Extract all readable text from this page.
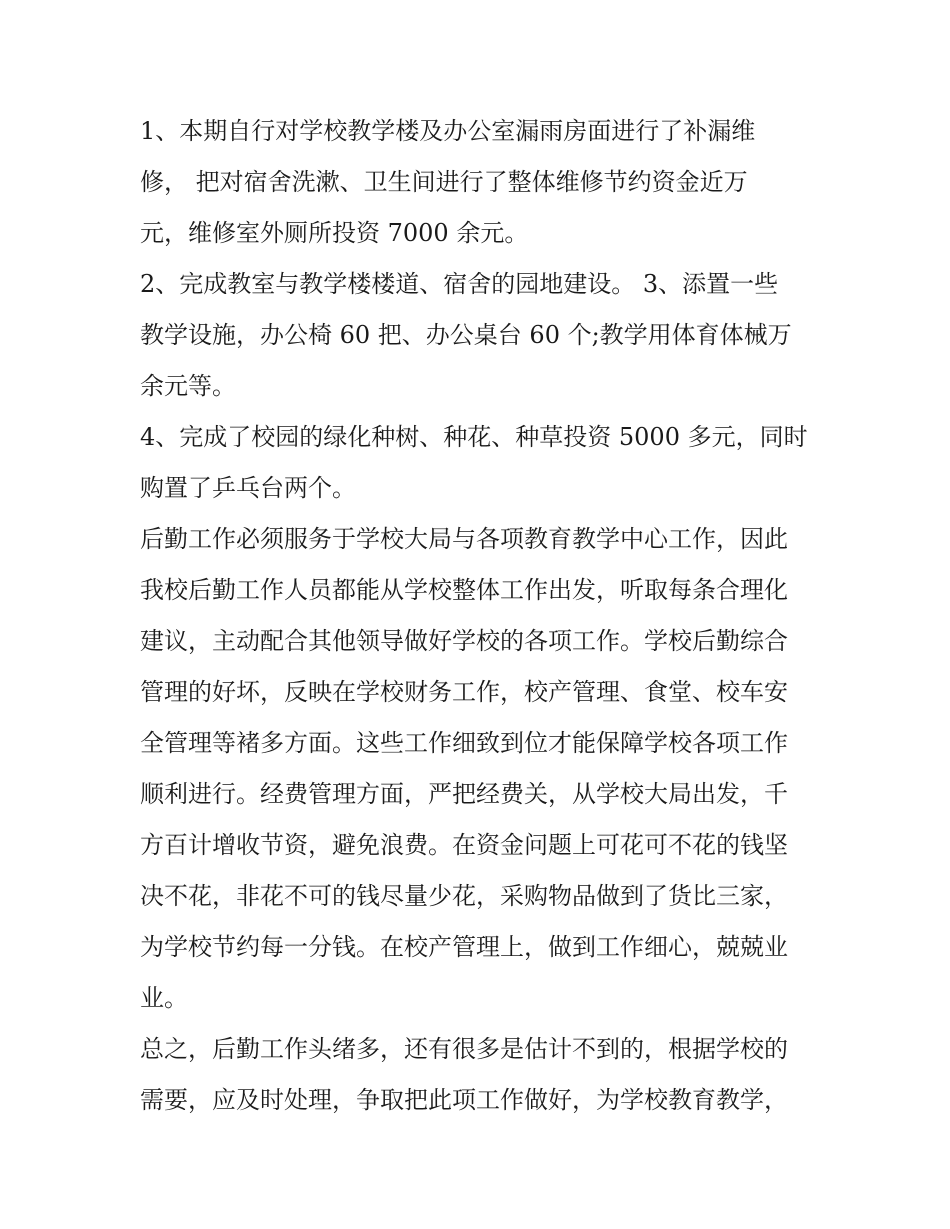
1、本期自行对学校教学楼及办公室漏雨房面进行了补漏维
修， 把对宿舍洗漱、卫生间进行了整体维修节约资金近万
元，维修室外厕所投资 7000 余元。
2、完成教室与教学楼楼道、宿舍的园地建设。 3、添置一些
教学设施，办公椅 60 把、办公桌台 60 个;教学用体育体械万
余元等。
4、完成了校园的绿化种树、种花、种草投资 5000 多元，同时
购置了乒乓台两个。
后勤工作必须服务于学校大局与各项教育教学中心工作，因此
我校后勤工作人员都能从学校整体工作出发，听取每条合理化
建议，主动配合其他领导做好学校的各项工作。学校后勤综合
管理的好坏，反映在学校财务工作，校产管理、食堂、校车安
全管理等褚多方面。这些工作细致到位才能保障学校各项工作
顺利进行。经费管理方面，严把经费关，从学校大局出发，千
方百计增收节资，避免浪费。在资金问题上可花可不花的钱坚
决不花，非花不可的钱尽量少花，采购物品做到了货比三家，
为学校节约每一分钱。在校产管理上，做到工作细心，兢兢业
业。
总之，后勤工作头绪多，还有很多是估计不到的，根据学校的
需要，应及时处理，争取把此项工作做好，为学校教育教学，
